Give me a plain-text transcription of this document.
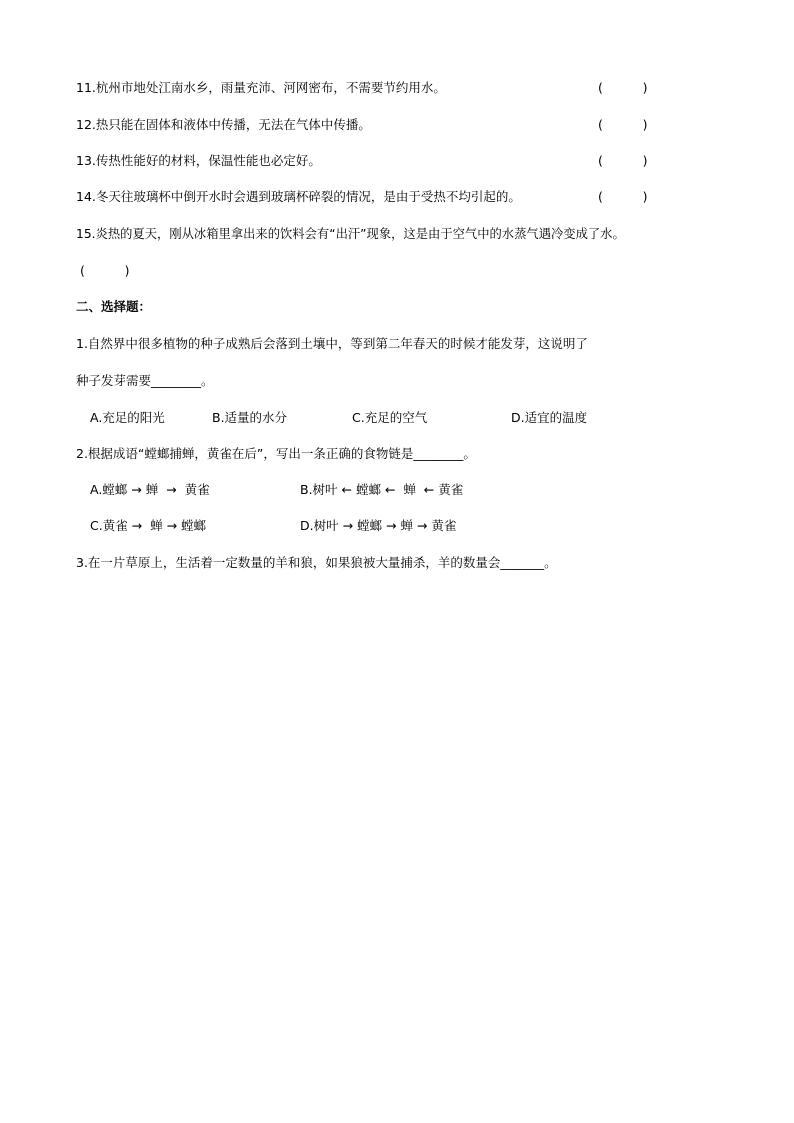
11.杭州市地处江南水乡，雨量充沛、河网密布，不需要节约用水。	(          )
12.热只能在固体和液体中传播，无法在气体中传播。	(          )
13.传热性能好的材料，保温性能也必定好。	(          )
14.冬天往玻璃杯中倒开水时会遇到玻璃杯碎裂的情况，是由于受热不均引起的。	(          )
15.炎热的夏天，刚从冰箱里拿出来的饮料会有“出汗”现象，这是由于空气中的水蒸气遇冷变成了水。
(          )
二、选择题：
1.自然界中很多植物的种子成熟后会落到土壤中，等到第二年春天的时候才能发芽，这说明了
种子发芽需要________。
A.充足的阳光	B.适量的水分	C.充足的空气	D.适宜的温度
2.根据成语“螳螂捕蝉，黄雀在后”，写出一条正确的食物链是________。
A.螳螂 → 蝉  →  黄雀	B.树叶 ← 螳螂 ←  蝉  ← 黄雀
C.黄雀 →  蝉 → 螳螂	D.树叶 → 螳螂 → 蝉 → 黄雀
3.在一片草原上，生活着一定数量的羊和狼，如果狼被大量捕杀，羊的数量会_______。
